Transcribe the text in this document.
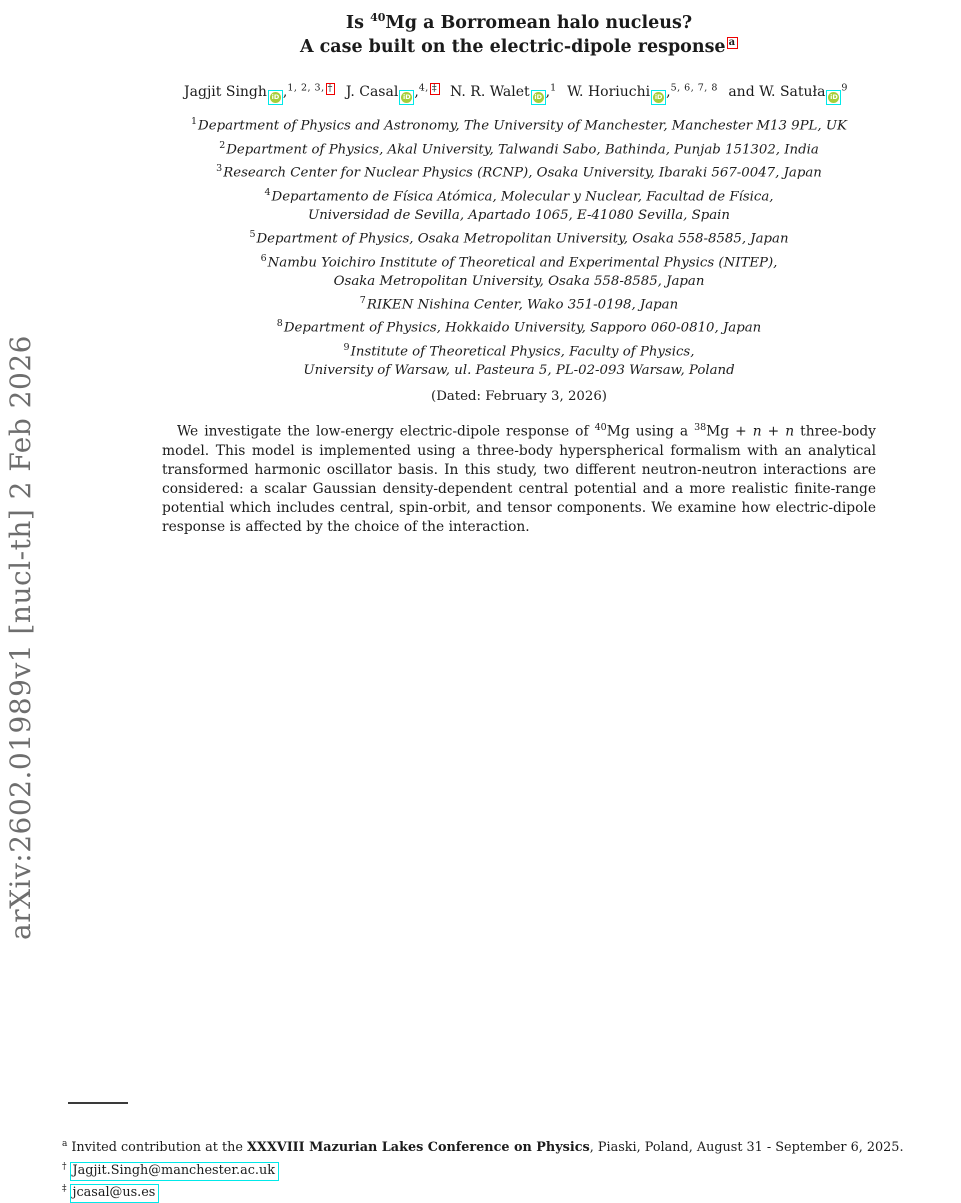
arXiv:2602.01989v1 [nucl-th] 2 Feb 2026
Is $^{40}$Mg a Borromean halo nucleus?
A case built on the electric-dipole response $^a$
Jagjit Singh iD ,$^{1, 2, 3,}$ † J. Casal iD ,$^{4,}$ ‡ N. R. Walet iD ,$^1$ W. Horiuchi iD ,$^{5, 6, 7, 8}$ and W. Satuła $iD^9$
$^1$Department of Physics and Astronomy, The University of Manchester, Manchester M13 9PL, UK
$^2$Department of Physics, Akal University, Talwandi Sabo, Bathinda, Punjab 151302, India
$^3$Research Center for Nuclear Physics (RCNP), Osaka University, Ibaraki 567-0047, Japan
$^4$Departamento de Física Atómica, Molecular y Nuclear, Facultad de Física,
Universidad de Sevilla, Apartado 1065, E-41080 Sevilla, Spain
$^5$Department of Physics, Osaka Metropolitan University, Osaka 558-8585, Japan
$^6$Nambu Yoichiro Institute of Theoretical and Experimental Physics (NITEP),
Osaka Metropolitan University, Osaka 558-8585, Japan
$^7$RIKEN Nishina Center, Wako 351-0198, Japan
$^8$Department of Physics, Hokkaido University, Sapporo 060-0810, Japan
$^9$Institute of Theoretical Physics, Faculty of Physics,
University of Warsaw, ul. Pasteura 5, PL-02-093 Warsaw, Poland
(Dated: February 3, 2026)

We investigate the low-energy electric-dipole response of $^{40}$Mg using a $^{38}$Mg + n + n three-body model. This model is implemented using a three-body hyperspherical formalism with an analytical transformed harmonic oscillator basis. In this study, two different neutron-neutron interactions are considered: a scalar Gaussian density-dependent central potential and a more realistic finite-range potential which includes central, spin-orbit, and tensor components. We examine how electric-dipole response is affected by the choice of the interaction.

$^a$ Invited contribution at the XXXVIII Mazurian Lakes Conference on Physics, Piaski, Poland, August 31 - September 6, 2025.
† Jagjit.Singh@manchester.ac.uk
‡ jcasal@us.es
